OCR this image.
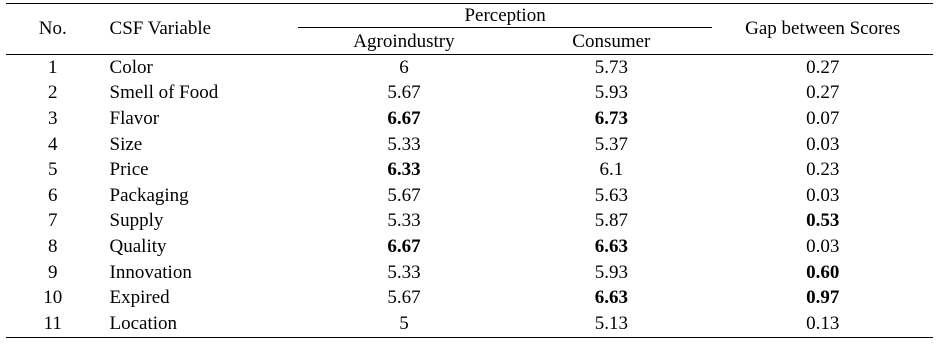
No.	CSF Variable	Perception		Gap between Scores
		Agroindustry	Consumer	
1	Color	6	5.73	0.27
2	Smell of Food	5.67	5.93	0.27
3	Flavor	6.67	6.73	0.07
4	Size	5.33	5.37	0.03
5	Price	6.33	6.1	0.23
6	Packaging	5.67	5.63	0.03
7	Supply	5.33	5.87	0.53
8	Quality	6.67	6.63	0.03
9	Innovation	5.33	5.93	0.60
10	Expired	5.67	6.63	0.97
11	Location	5	5.13	0.13
